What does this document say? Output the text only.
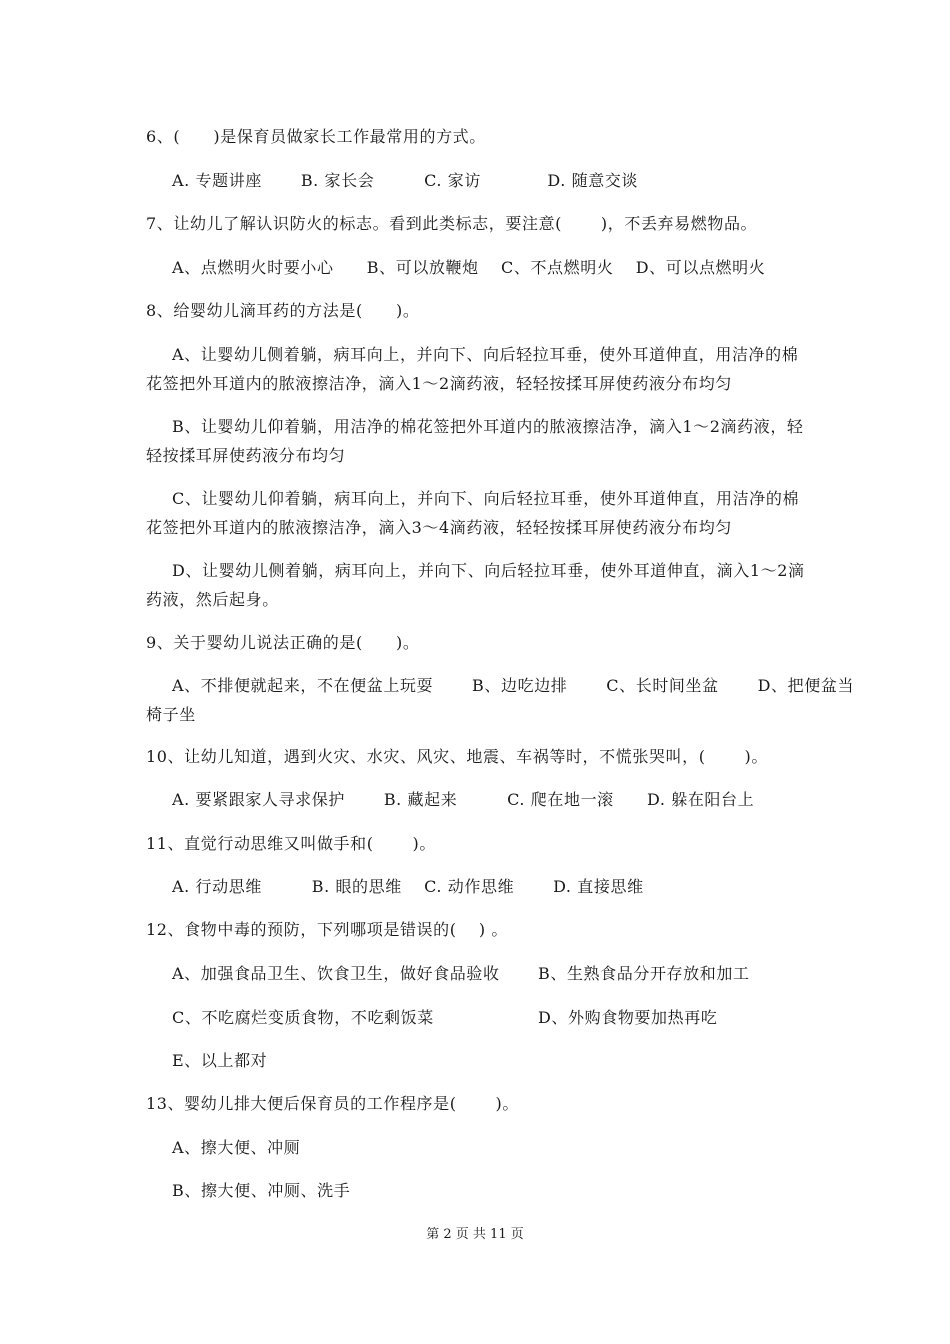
6、(　　)是保育员做家长工作最常用的方式。
A. 专题讲座　　 B. 家长会　　　C. 家访　　　　D. 随意交谈
7、让幼儿了解认识防火的标志。看到此类标志，要注意(　　 )，不丢弃易燃物品。
A、点燃明火时要小心　　B、可以放鞭炮　 C、不点燃明火　 D、可以点燃明火
8、给婴幼儿滴耳药的方法是(　　)。
A、让婴幼儿侧着躺，病耳向上，并向下、向后轻拉耳垂，使外耳道伸直，用洁净的棉
花签把外耳道内的脓液擦洁净，滴入1～2滴药液，轻轻按揉耳屏使药液分布均匀
B、让婴幼儿仰着躺，用洁净的棉花签把外耳道内的脓液擦洁净，滴入1～2滴药液，轻
轻按揉耳屏使药液分布均匀
C、让婴幼儿仰着躺，病耳向上，并向下、向后轻拉耳垂，使外耳道伸直，用洁净的棉
花签把外耳道内的脓液擦洁净，滴入3～4滴药液，轻轻按揉耳屏使药液分布均匀
D、让婴幼儿侧着躺，病耳向上，并向下、向后轻拉耳垂，使外耳道伸直，滴入1～2滴
药液，然后起身。
9、关于婴幼儿说法正确的是(　　)。
A、不排便就起来，不在便盆上玩耍　　 B、边吃边排　　 C、长时间坐盆　　 D、把便盆当
椅子坐
10、让幼儿知道，遇到火灾、水灾、风灾、地震、车祸等时，不慌张哭叫，(　　 )。
A. 要紧跟家人寻求保护　　 B. 藏起来　　　C. 爬在地一滚　　D. 躲在阳台上
11、直觉行动思维又叫做手和(　　 )。
A. 行动思维　　　B. 眼的思维　 C. 动作思维　　 D. 直接思维
12、食物中毒的预防，下列哪项是错误的(　 ) 。
A、加强食品卫生、饮食卫生，做好食品验收 B、生熟食品分开存放和加工
C、不吃腐烂变质食物，不吃剩饭菜	D、外购食物要加热再吃
E、以上都对
13、婴幼儿排大便后保育员的工作程序是(　　 )。
A、擦大便、冲厕
B、擦大便、冲厕、洗手
第 2 页 共 11 页
